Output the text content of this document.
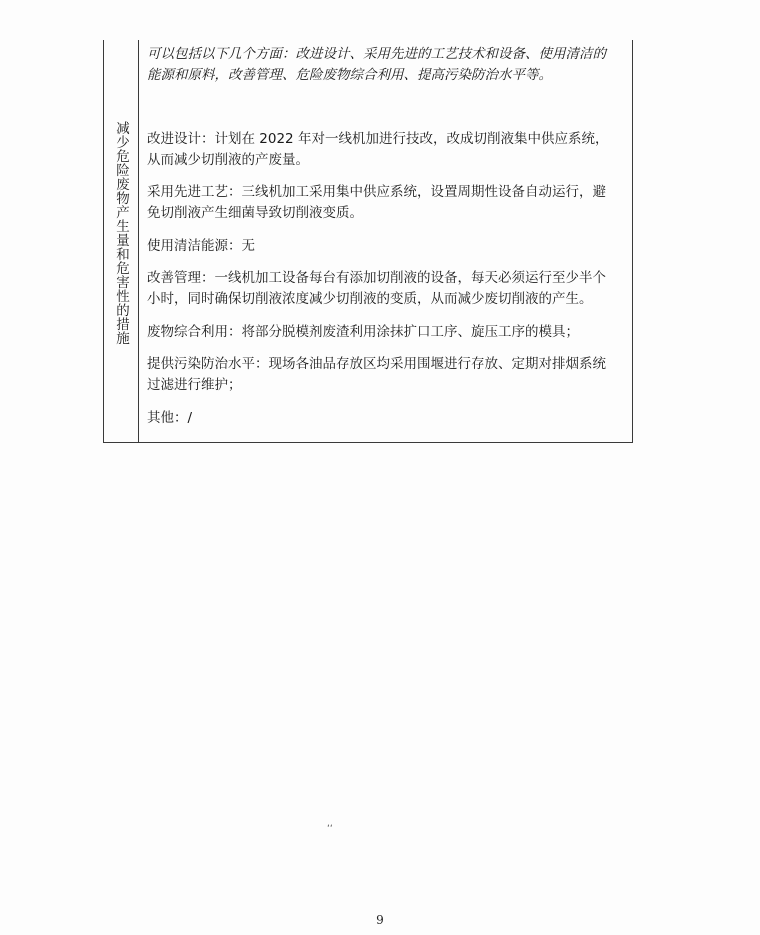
减少危险废物产生量和危害性的措施

可以包括以下几个方面：改进设计、采用先进的工艺技术和设备、使用清洁的能源和原料，改善管理、危险废物综合利用、提高污染防治水平等。

改进设计：计划在 2022 年对一线机加进行技改，改成切削液集中供应系统，从而减少切削液的产废量。

采用先进工艺：三线机加工采用集中供应系统，设置周期性设备自动运行，避免切削液产生细菌导致切削液变质。

使用清洁能源：无

改善管理：一线机加工设备每台有添加切削液的设备，每天必须运行至少半个小时，同时确保切削液浓度减少切削液的变质，从而减少废切削液的产生。

废物综合利用：将部分脱模剂废渣利用涂抹扩口工序、旋压工序的模具；

提供污染防治水平：现场各油品存放区均采用围堰进行存放、定期对排烟系统过滤进行维护；

其他：/

‘‘
9
